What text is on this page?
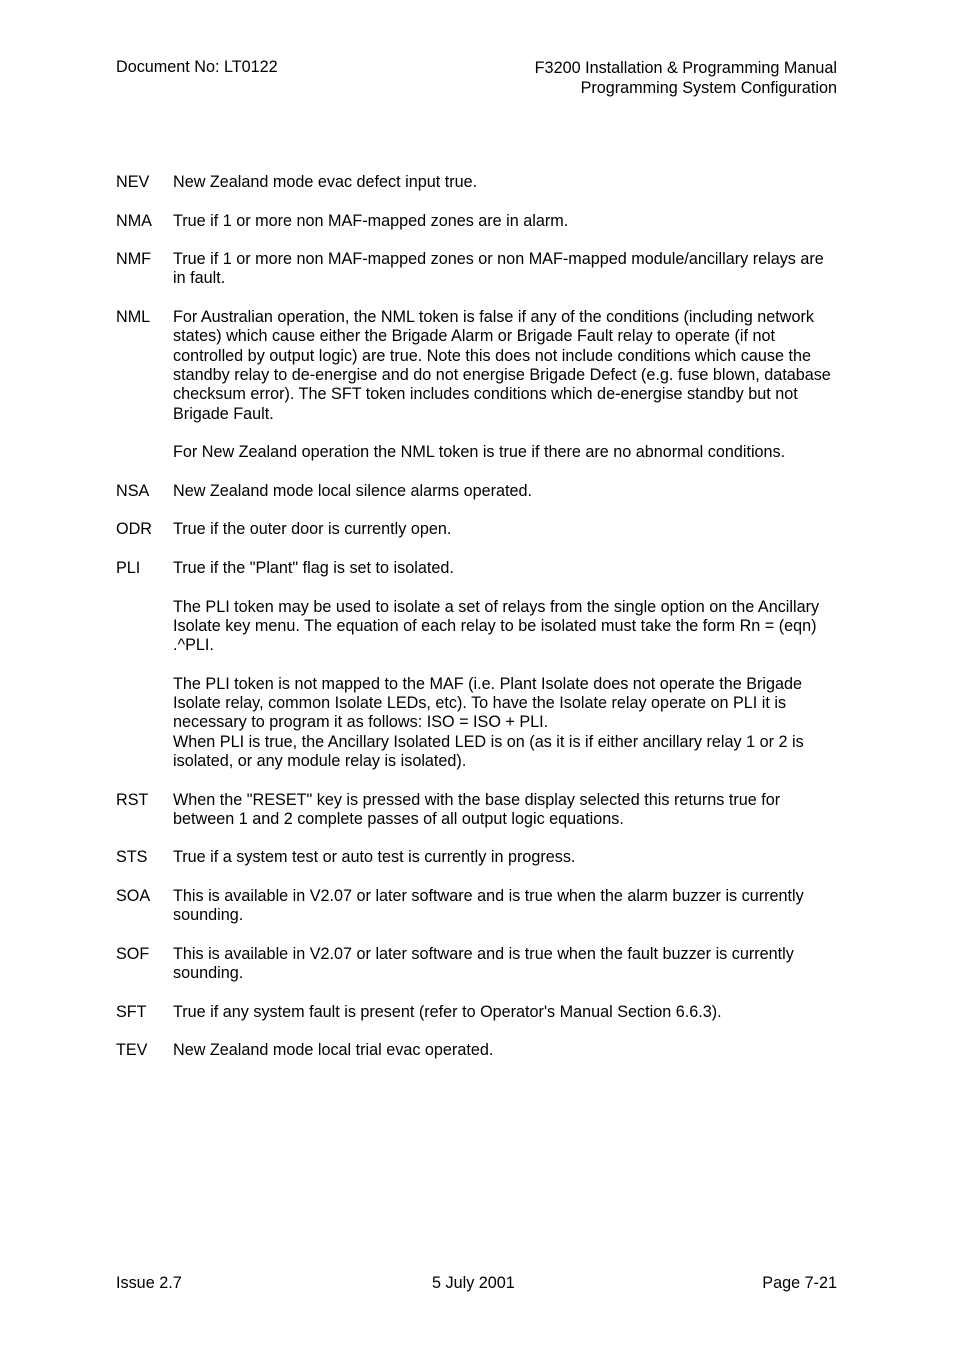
Document No: LT0122	F3200 Installation & Programming Manual
Programming System Configuration
NEV	New Zealand mode evac defect input true.

NMA	True if 1 or more non MAF-mapped zones are in alarm.

NMF	True if 1 or more non MAF-mapped zones or non MAF-mapped module/ancillary relays are in fault.

NML	For Australian operation, the NML token is false if any of the conditions (including network states) which cause either the Brigade Alarm or Brigade Fault relay to operate (if not controlled by output logic) are true. Note this does not include conditions which cause the standby relay to de-energise and do not energise Brigade Defect (e.g. fuse blown, database checksum error). The SFT token includes conditions which de-energise standby but not Brigade Fault.

For New Zealand operation the NML token is true if there are no abnormal conditions.

NSA	New Zealand mode local silence alarms operated.

ODR	True if the outer door is currently open.

PLI	True if the "Plant" flag is set to isolated.

The PLI token may be used to isolate a set of relays from the single option on the Ancillary Isolate key menu. The equation of each relay to be isolated must take the form Rn = (eqn) .^PLI.

The PLI token is not mapped to the MAF (i.e. Plant Isolate does not operate the Brigade Isolate relay, common Isolate LEDs, etc). To have the Isolate relay operate on PLI it is necessary to program it as follows: ISO = ISO + PLI.
When PLI is true, the Ancillary Isolated LED is on (as it is if either ancillary relay 1 or 2 is isolated, or any module relay is isolated).

RST	When the "RESET" key is pressed with the base display selected this returns true for between 1 and 2 complete passes of all output logic equations.

STS	True if a system test or auto test is currently in progress.

SOA	This is available in V2.07 or later software and is true when the alarm buzzer is currently sounding.

SOF	This is available in V2.07 or later software and is true when the fault buzzer is currently sounding.

SFT	True if any system fault is present (refer to Operator's Manual Section 6.6.3).

TEV	New Zealand mode local trial evac operated.

Issue 2.7	5 July 2001	Page 7-21
